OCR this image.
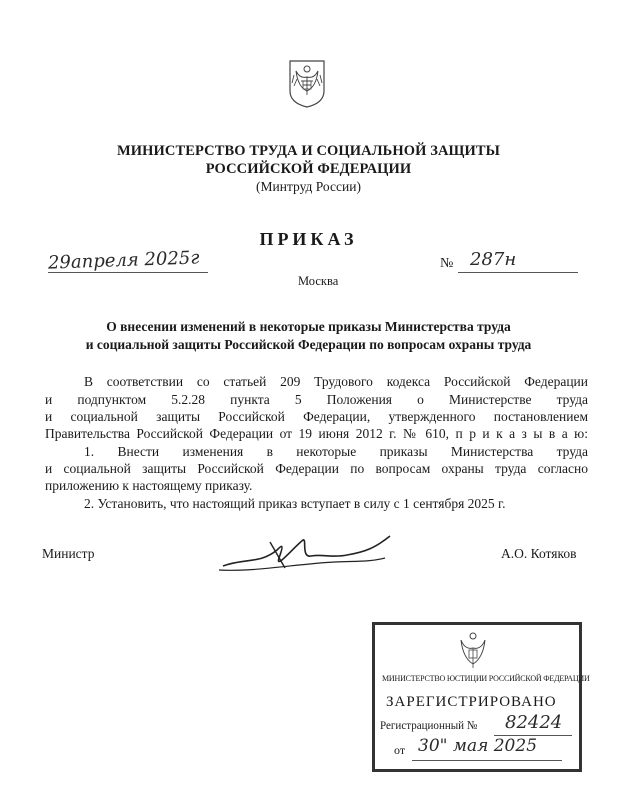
МИНИСТЕРСТВО ТРУДА И СОЦИАЛЬНОЙ ЗАЩИТЫ
РОССИЙСКОЙ ФЕДЕРАЦИИ
(Минтруд России)
ПРИКАЗ
29апреля 2025г	№ 287н
Москва
О внесении изменений в некоторые приказы Министерства труда
и социальной защиты Российской Федерации по вопросам охраны труда
В соответствии со статьей 209 Трудового кодекса Российской Федерации
и подпунктом 5.2.28 пункта 5 Положения о Министерстве труда
и социальной защиты Российской Федерации, утвержденного постановлением
Правительства Российской Федерации от 19 июня 2012 г. № 610, п р и к а з ы в а ю:
1. Внести изменения в некоторые приказы Министерства труда
и социальной защиты Российской Федерации по вопросам охраны труда согласно
приложению к настоящему приказу.
2. Установить, что настоящий приказ вступает в силу с 1 сентября 2025 г.
Министр	А.О. Котяков
МИНИСТЕРСТВО ЮСТИЦИИ РОССИЙСКОЙ ФЕДЕРАЦИИ
ЗАРЕГИСТРИРОВАНО
Регистрационный № 82424
от 30" мая 2025
